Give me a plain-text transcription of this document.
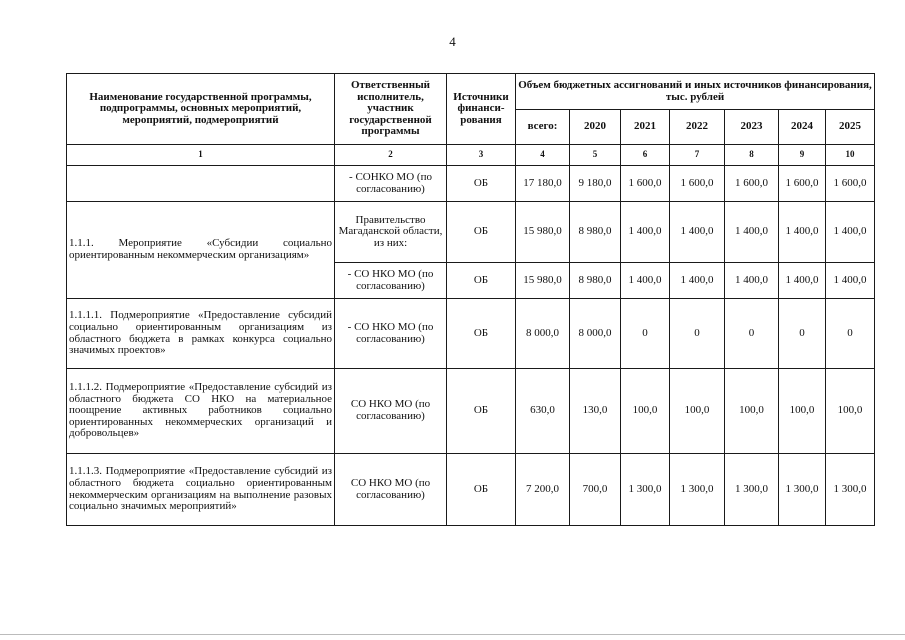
4
Наименование государственной программы, подпрограммы, основных мероприятий, мероприятий, подмероприятий	Ответственный исполнитель, участник государственной программы	Источники финанси-рования	Объем бюджетных ассигнований и иных источников финансирования, тыс. рублей						
			всего:	2020	2021	2022	2023	2024	2025
1	2	3	4	5	6	7	8	9	10
	- СОНКО МО (по согласованию)	ОБ	17 180,0	9 180,0	1 600,0	1 600,0	1 600,0	1 600,0	1 600,0
1.1.1. Мероприятие «Субсидии социально ориентированным некоммерческим организациям»	Правительство Магаданской области, из них:	ОБ	15 980,0	8 980,0	1 400,0	1 400,0	1 400,0	1 400,0	1 400,0
	- СО НКО МО (по согласованию)	ОБ	15 980,0	8 980,0	1 400,0	1 400,0	1 400,0	1 400,0	1 400,0
1.1.1.1. Подмероприятие «Предоставление субсидий социально ориентированным организациям из областного бюджета в рамках конкурса социально значимых проектов»	- СО НКО МО (по согласованию)	ОБ	8 000,0	8 000,0	0	0	0	0	0
1.1.1.2. Подмероприятие «Предоставление субсидий из областного бюджета СО НКО на материальное поощрение активных работников социально ориентированных некоммерческих организаций и добровольцев»	СО НКО МО (по согласованию)	ОБ	630,0	130,0	100,0	100,0	100,0	100,0	100,0
1.1.1.3. Подмероприятие «Предоставление субсидий из областного бюджета социально ориентированным некоммерческим организациям на выполнение разовых социально значимых мероприятий»	СО НКО МО (по согласованию)	ОБ	7 200,0	700,0	1 300,0	1 300,0	1 300,0	1 300,0	1 300,0
